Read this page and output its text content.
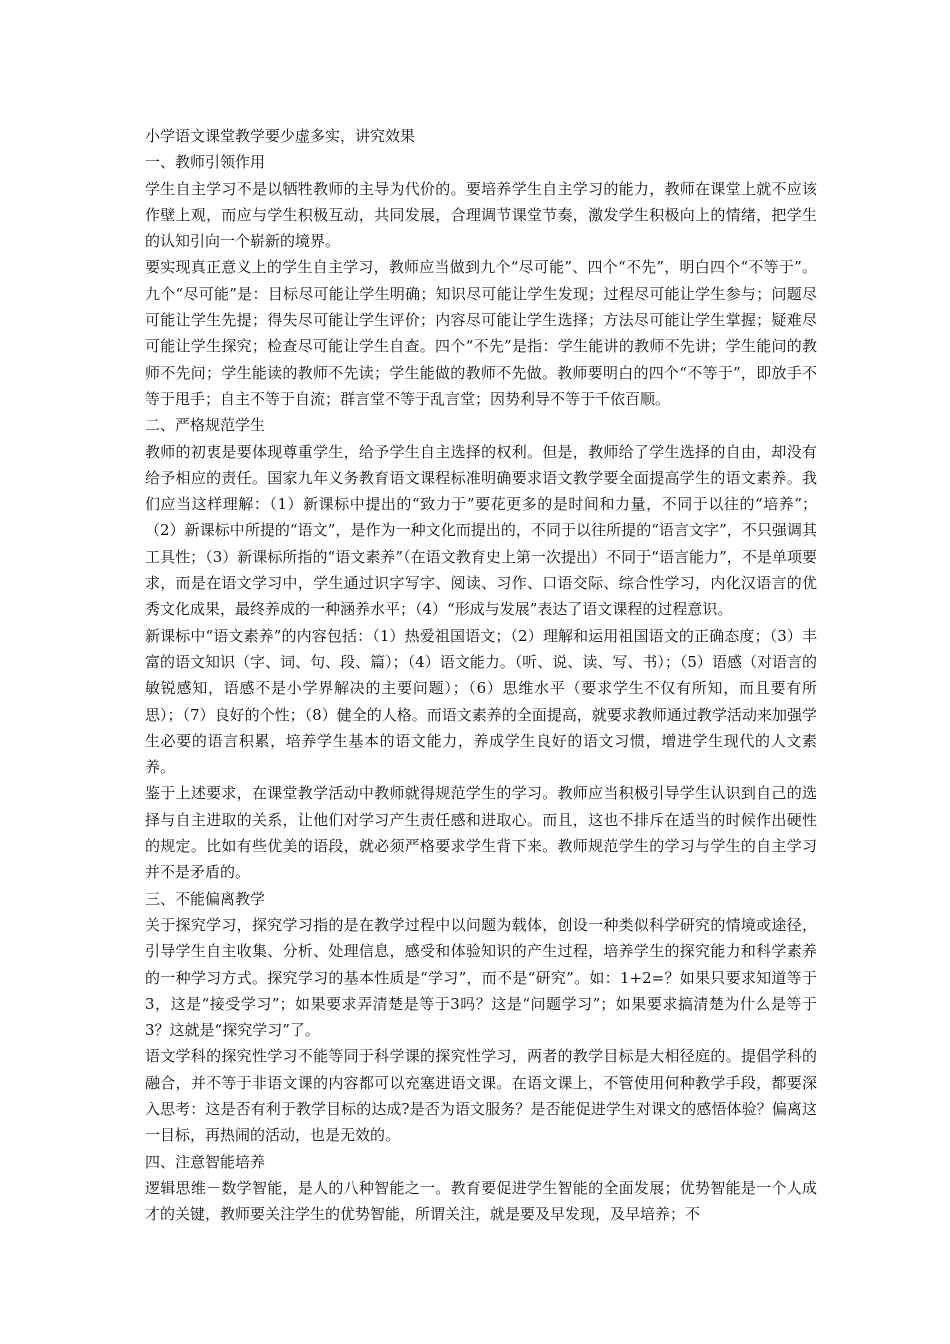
小学语文课堂教学要少虚多实，讲究效果

一、教师引领作用

学生自主学习不是以牺牲教师的主导为代价的。要培养学生自主学习的能力，教师在课堂上就不应该作壁上观，而应与学生积极互动，共同发展，合理调节课堂节奏，激发学生积极向上的情绪，把学生的认知引向一个崭新的境界。

要实现真正意义上的学生自主学习，教师应当做到九个“尽可能”、四个“不先”，明白四个“不等于”。九个“尽可能”是：目标尽可能让学生明确；知识尽可能让学生发现；过程尽可能让学生参与；问题尽可能让学生先提；得失尽可能让学生评价；内容尽可能让学生选择；方法尽可能让学生掌握；疑难尽可能让学生探究；检查尽可能让学生自查。四个“不先”是指：学生能讲的教师不先讲；学生能问的教师不先问；学生能读的教师不先读；学生能做的教师不先做。教师要明白的四个“不等于”，即放手不等于甩手；自主不等于自流；群言堂不等于乱言堂；因势利导不等于千依百顺。

二、严格规范学生

教师的初衷是要体现尊重学生，给予学生自主选择的权利。但是，教师给了学生选择的自由，却没有给予相应的责任。国家九年义务教育语文课程标准明确要求语文教学要全面提高学生的语文素养。我们应当这样理解：（1）新课标中提出的“致力于”要花更多的是时间和力量，不同于以往的“培养”；（2）新课标中所提的“语文”，是作为一种文化而提出的，不同于以往所提的“语言文字”，不只强调其工具性；（3）新课标所指的“语文素养”（在语文教育史上第一次提出）不同于“语言能力”，不是单项要求，而是在语文学习中，学生通过识字写字、阅读、习作、口语交际、综合性学习，内化汉语言的优秀文化成果，最终养成的一种涵养水平；（4）“形成与发展”表达了语文课程的过程意识。

新课标中“语文素养”的内容包括：（1）热爱祖国语文；（2）理解和运用祖国语文的正确态度；（3）丰富的语文知识（字、词、句、段、篇）；（4）语文能力。（听、说、读、写、书）；（5）语感（对语言的敏锐感知，语感不是小学界解决的主要问题）；（6）思维水平（要求学生不仅有所知，而且要有所思）；（7）良好的个性；（8）健全的人格。而语文素养的全面提高，就要求教师通过教学活动来加强学生必要的语言积累，培养学生基本的语文能力，养成学生良好的语文习惯，增进学生现代的人文素养。

鉴于上述要求，在课堂教学活动中教师就得规范学生的学习。教师应当积极引导学生认识到自己的选择与自主进取的关系，让他们对学习产生责任感和进取心。而且，这也不排斥在适当的时候作出硬性的规定。比如有些优美的语段，就必须严格要求学生背下来。教师规范学生的学习与学生的自主学习并不是矛盾的。

三、不能偏离教学

关于探究学习，探究学习指的是在教学过程中以问题为载体，创设一种类似科学研究的情境或途径，引导学生自主收集、分析、处理信息，感受和体验知识的产生过程，培养学生的探究能力和科学素养的一种学习方式。探究学习的基本性质是“学习”，而不是“研究”。如：1+2=？如果只要求知道等于3，这是“接受学习”；如果要求弄清楚是等于3吗？这是“问题学习”；如果要求搞清楚为什么是等于3？这就是“探究学习”了。

语文学科的探究性学习不能等同于科学课的探究性学习，两者的教学目标是大相径庭的。提倡学科的融合，并不等于非语文课的内容都可以充塞进语文课。在语文课上，不管使用何种教学手段，都要深入思考：这是否有利于教学目标的达成?是否为语文服务？是否能促进学生对课文的感悟体验？偏离这一目标，再热闹的活动，也是无效的。

四、注意智能培养

逻辑思维－数学智能，是人的八种智能之一。教育要促进学生智能的全面发展；优势智能是一个人成才的关键，教师要关注学生的优势智能，所谓关注，就是要及早发现，及早培养；不
